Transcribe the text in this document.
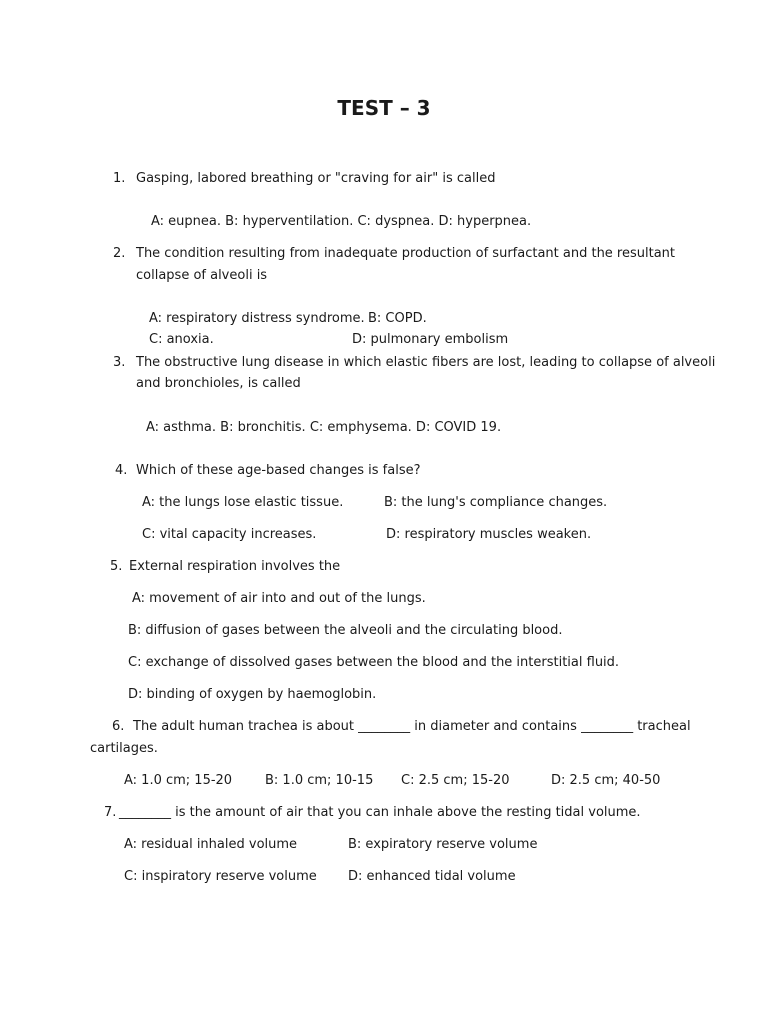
TEST – 3
1. Gasping, labored breathing or "craving for air" is called
A: eupnea. B: hyperventilation. C: dyspnea. D: hyperpnea.
2. The condition resulting from inadequate production of surfactant and the resultant
collapse of alveoli is
A: respiratory distress syndrome. B: COPD.
C: anoxia.	D: pulmonary embolism
3. The obstructive lung disease in which elastic fibers are lost, leading to collapse of alveoli
and bronchioles, is called
A: asthma. B: bronchitis. C: emphysema. D: COVID 19.
4. Which of these age-based changes is false?
A: the lungs lose elastic tissue.	B: the lung's compliance changes.
C: vital capacity increases.	D: respiratory muscles weaken.
5. External respiration involves the
A: movement of air into and out of the lungs.
B: diffusion of gases between the alveoli and the circulating blood.
C: exchange of dissolved gases between the blood and the interstitial fluid.
D: binding of oxygen by haemoglobin.
6. The adult human trachea is about ________ in diameter and contains ________ tracheal
cartilages.
A: 1.0 cm; 15-20	B: 1.0 cm; 10-15 C: 2.5 cm; 15-20	D: 2.5 cm; 40-50
7. ________ is the amount of air that you can inhale above the resting tidal volume.
A: residual inhaled volume	B: expiratory reserve volume
C: inspiratory reserve volume D: enhanced tidal volume
